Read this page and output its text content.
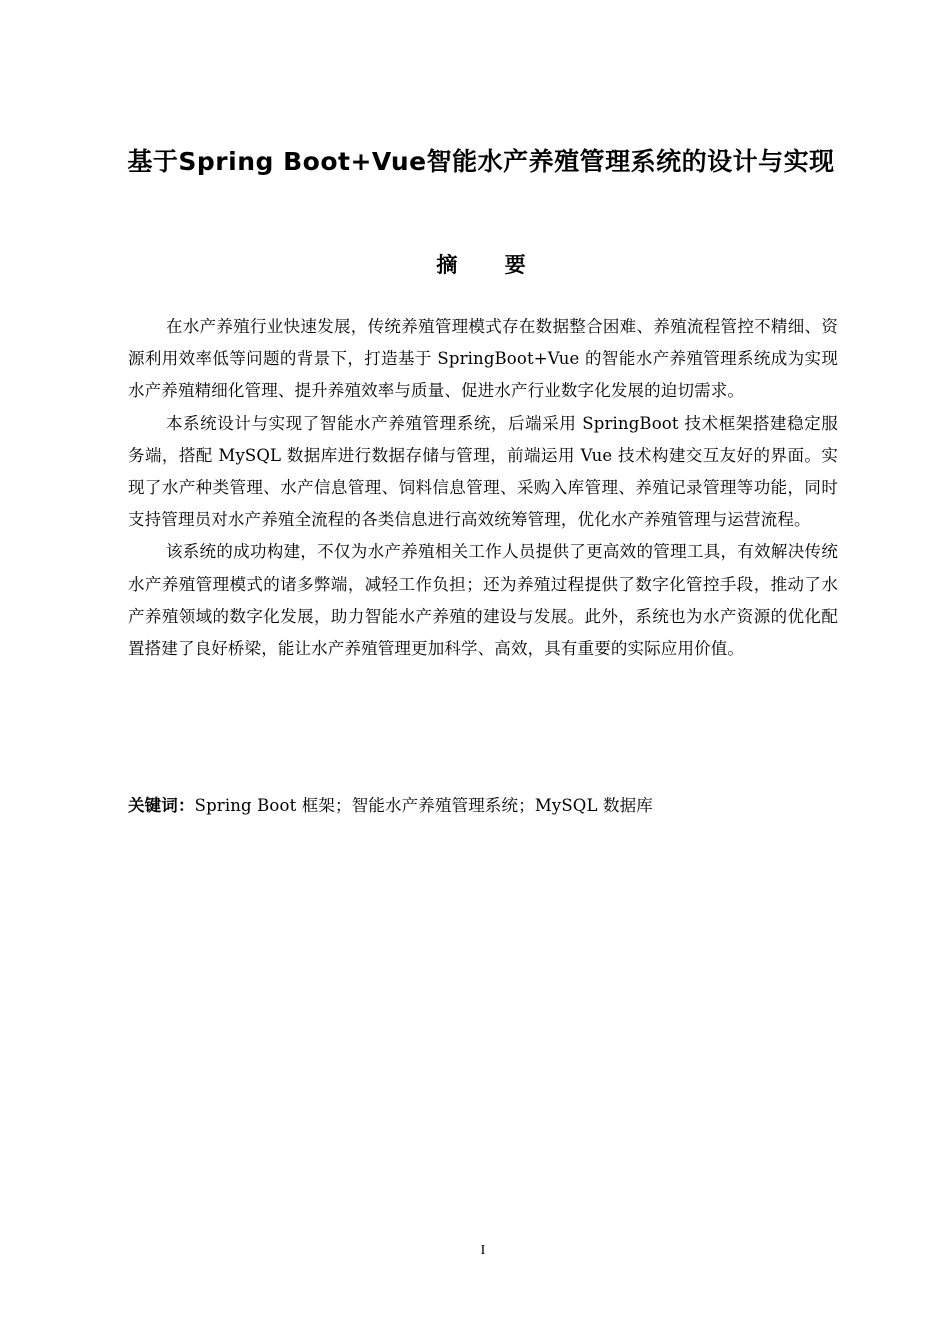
基于Spring Boot+Vue智能水产养殖管理系统的设计与实现
摘 要

在水产养殖行业快速发展，传统养殖管理模式存在数据整合困难、养殖流程管控不精细、资源利用效率低等问题的背景下，打造基于 SpringBoot+Vue 的智能水产养殖管理系统成为实现水产养殖精细化管理、提升养殖效率与质量、促进水产行业数字化发展的迫切需求。

本系统设计与实现了智能水产养殖管理系统，后端采用 SpringBoot 技术框架搭建稳定服务端，搭配 MySQL 数据库进行数据存储与管理，前端运用 Vue 技术构建交互友好的界面。实现了水产种类管理、水产信息管理、饲料信息管理、采购入库管理、养殖记录管理等功能，同时支持管理员对水产养殖全流程的各类信息进行高效统筹管理，优化水产养殖管理与运营流程。

该系统的成功构建，不仅为水产养殖相关工作人员提供了更高效的管理工具，有效解决传统水产养殖管理模式的诸多弊端，减轻工作负担；还为养殖过程提供了数字化管控手段，推动了水产养殖领域的数字化发展，助力智能水产养殖的建设与发展。此外，系统也为水产资源的优化配置搭建了良好桥梁，能让水产养殖管理更加科学、高效，具有重要的实际应用价值。

关键词：Spring Boot 框架；智能水产养殖管理系统；MySQL 数据库
I
